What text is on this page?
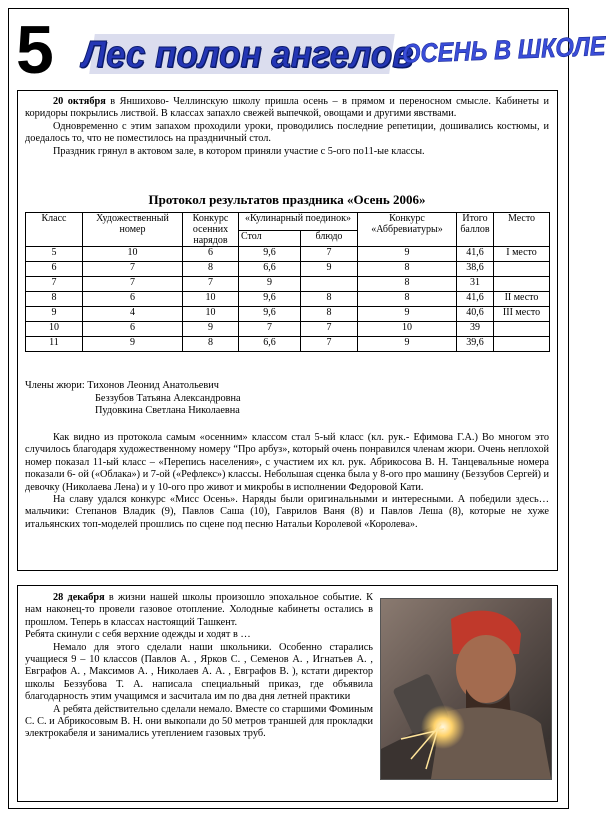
5 Лес полон ангелов
ОСЕНЬ В ШКОЛЕ

20 октября в Яншиховo- Челлинскую школу пришла осень – в прямом и переносном смысле. Кабинеты и коридоры покрылись листвой. В классах запахло свежей выпечкой, овощами и другими явствами.

Одновременно с этим запахом проходили уроки, проводились последние репетиции, дошивались костюмы, и доедалось то, что не поместилось на праздничный стол.

Праздник грянул в актовом зале, в котором приняли участие с 5-ого по11-ые классы.

Протокол результатов праздника «Осень 2006»
Класс	Художественный номер	Конкурс осенних нарядов	«Кулинарный поединок»		Конкурс «Аббревиатуры»	Итого баллов	Место
			Стол	блюдо			
5	10	6	9,6	7	9	41,6	I место
6	7	8	6,6	9	8	38,6	
7	7	7	9		8	31	
8	6	10	9,6	8	8	41,6	II место
9	4	10	9,6	8	9	40,6	III место
10	6	9	7	7	10	39	
11	9	8	6,6	7	9	39,6	
Члены жюри: Тихонов Леонид Анатольевич
Беззубов Татьяна Александровна
Пудовкина Светлана Николаевна

Как видно из протокола самым «осенним» классом стал 5-ый класс (кл. рук.- Ефимова Г.А.) Во многом это случилось благодаря художественному номеру “Про арбуз», который очень понравился членам жюри. Очень неплохой номер показал 11-ый класс – «Перепись населения», с участием их кл. рук. Абрикосова В. Н. Танцевальные номера показали 6- ой («Облака») и 7-ой («Рефлекс») классы. Небольшая сценка была у 8-ого про машину (Беззубов Сергей) и девочку (Николаева Лена) и у 10-ого про живот и микробы в исполнении Федоровой Кати.

На славу удался конкурс «Мисс Осень». Наряды были оригинальными и интересными. А победили здесь… мальчики: Степанов Владик (9), Павлов Саша (10), Гаврилов Ваня (8) и Павлов Леша (8), которые не хуже итальянских топ-моделей прошлись по сцене под песню Натальи Королевой «Королева».

28 декабря в жизни нашей школы произошло эпохальное событие. К нам наконец-то провели газовое отопление. Холодные кабинеты остались в прошлом. Теперь в классах настоящий Ташкент.

Ребята скинули с себя верхние одежды и ходят в …

Немало для этого сделали наши школьники. Особенно старались учащиеся 9 – 10 классов (Павлов А. , Ярков С. , Семенов А. , Игнатьев А. , Евграфов А. , Максимов А. , Николаев А. А. , Евграфов В. ), кстати директор школы Беззубова Т. А. написала специальный приказ, где объявила благодарность этим учащимся и засчитала им по два дня летней практики

А ребята действительно сделали немало. Вместе со старшими Фоминым С. С. и Абрикосовым В. Н. они выкопали до 50 метров траншей для прокладки электрокабеля и занимались утеплением газовых труб.
